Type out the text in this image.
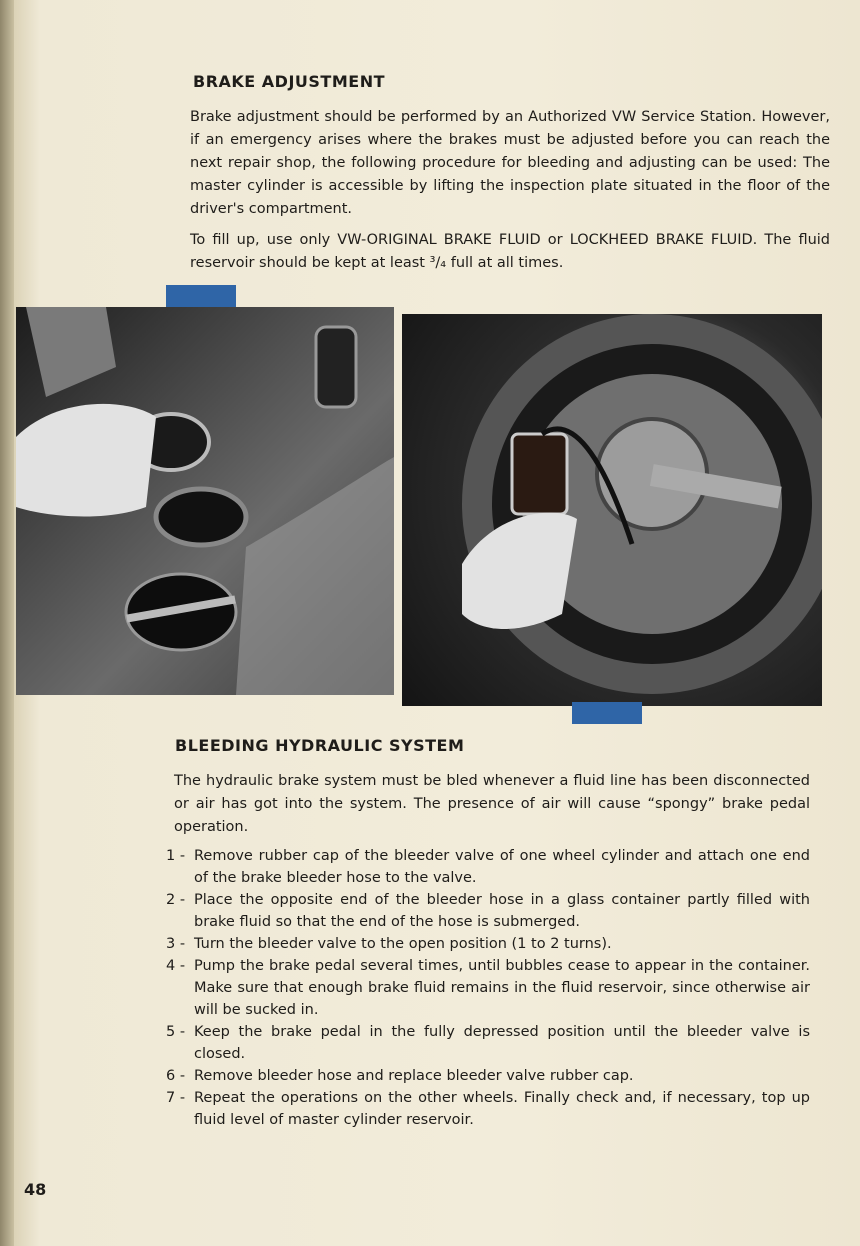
BRAKE ADJUSTMENT

Brake adjustment should be performed by an Authorized VW Service Station. However, if an emergency arises where the brakes must be adjusted before you can reach the next repair shop, the following procedure for bleeding and adjusting can be used: The master cylinder is accessible by lifting the inspection plate situated in the floor of the driver's compartment.

To fill up, use only VW-ORIGINAL BRAKE FLUID or LOCKHEED BRAKE FLUID. The fluid reservoir should be kept at least ³/₄ full at all times.

BLEEDING HYDRAULIC SYSTEM

The hydraulic brake system must be bled whenever a fluid line has been disconnected or air has got into the system. The presence of air will cause “spongy” brake pedal operation.

1 - Remove rubber cap of the bleeder valve of one wheel cylinder and attach one end of the brake bleeder hose to the valve.
2 - Place the opposite end of the bleeder hose in a glass container partly filled with brake fluid so that the end of the hose is submerged.
3 - Turn the bleeder valve to the open position (1 to 2 turns).
4 - Pump the brake pedal several times, until bubbles cease to appear in the container. Make sure that enough brake fluid remains in the fluid reservoir, since otherwise air will be sucked in.
5 - Keep the brake pedal in the fully depressed position until the bleeder valve is closed.
6 - Remove bleeder hose and replace bleeder valve rubber cap.
7 - Repeat the operations on the other wheels. Finally check and, if necessary, top up fluid level of master cylinder reservoir.
48
